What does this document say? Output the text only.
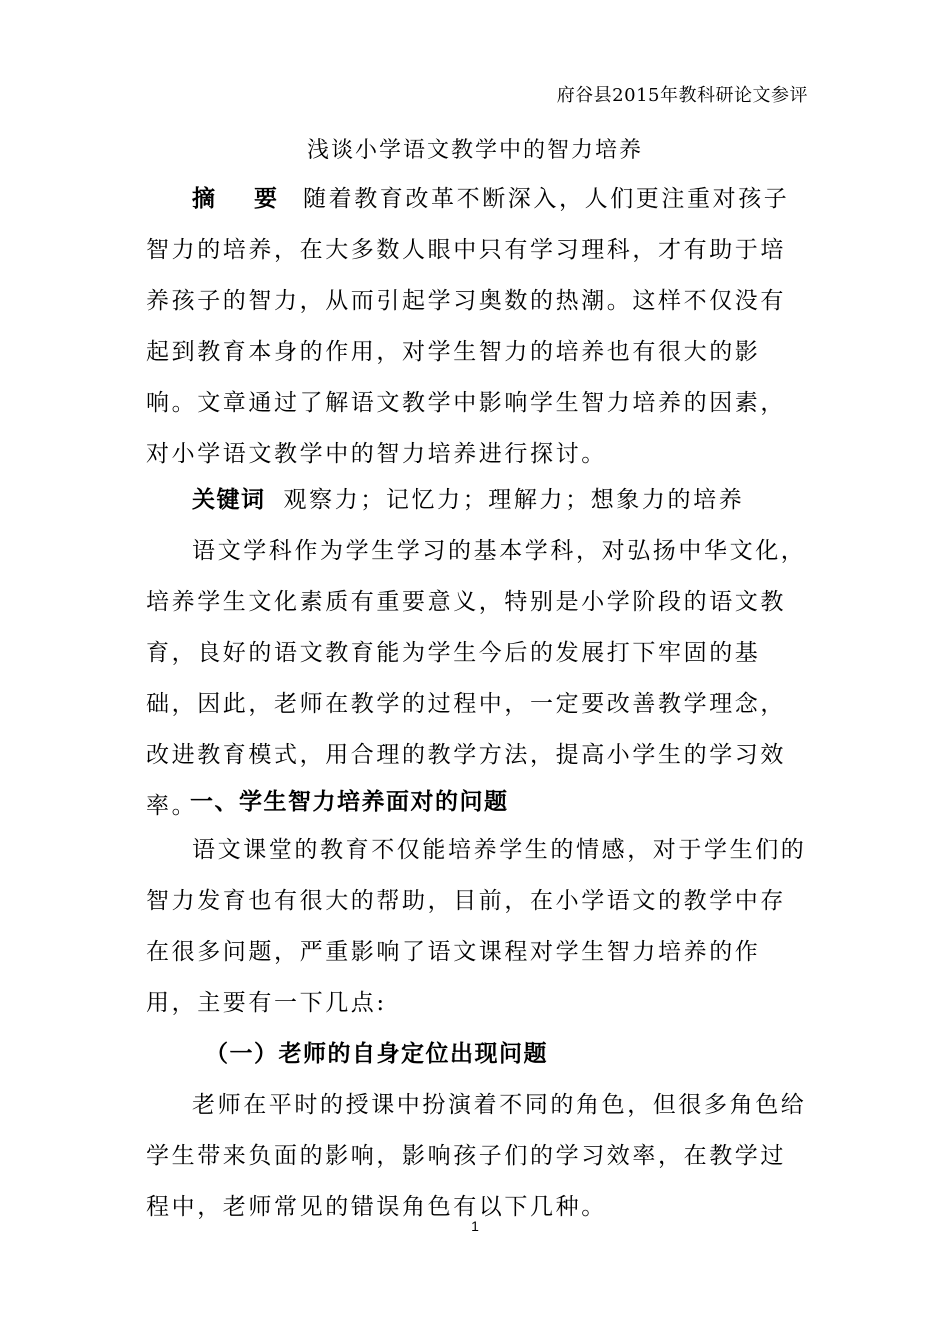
府谷县2015年教科研论文参评
浅谈小学语文教学中的智力培养
摘　要 随着教育改革不断深入，人们更注重对孩子智力的培养，在大多数人眼中只有学习理科，才有助于培养孩子的智力，从而引起学习奥数的热潮。这样不仅没有起到教育本身的作用，对学生智力的培养也有很大的影响。文章通过了解语文教学中影响学生智力培养的因素，对小学语文教学中的智力培养进行探讨。
关键词 观察力；记忆力；理解力；想象力的培养
语文学科作为学生学习的基本学科，对弘扬中华文化，培养学生文化素质有重要意义，特别是小学阶段的语文教育，良好的语文教育能为学生今后的发展打下牢固的基础，因此，老师在教学的过程中，一定要改善教学理念，改进教育模式，用合理的教学方法，提高小学生的学习效率。
一、学生智力培养面对的问题
语文课堂的教育不仅能培养学生的情感，对于学生们的智力发育也有很大的帮助，目前，在小学语文的教学中存在很多问题，严重影响了语文课程对学生智力培养的作用，主要有一下几点:
（一）老师的自身定位出现问题
老师在平时的授课中扮演着不同的角色，但很多角色给学生带来负面的影响，影响孩子们的学习效率，在教学过程中，老师常见的错误角色有以下几种。
1
